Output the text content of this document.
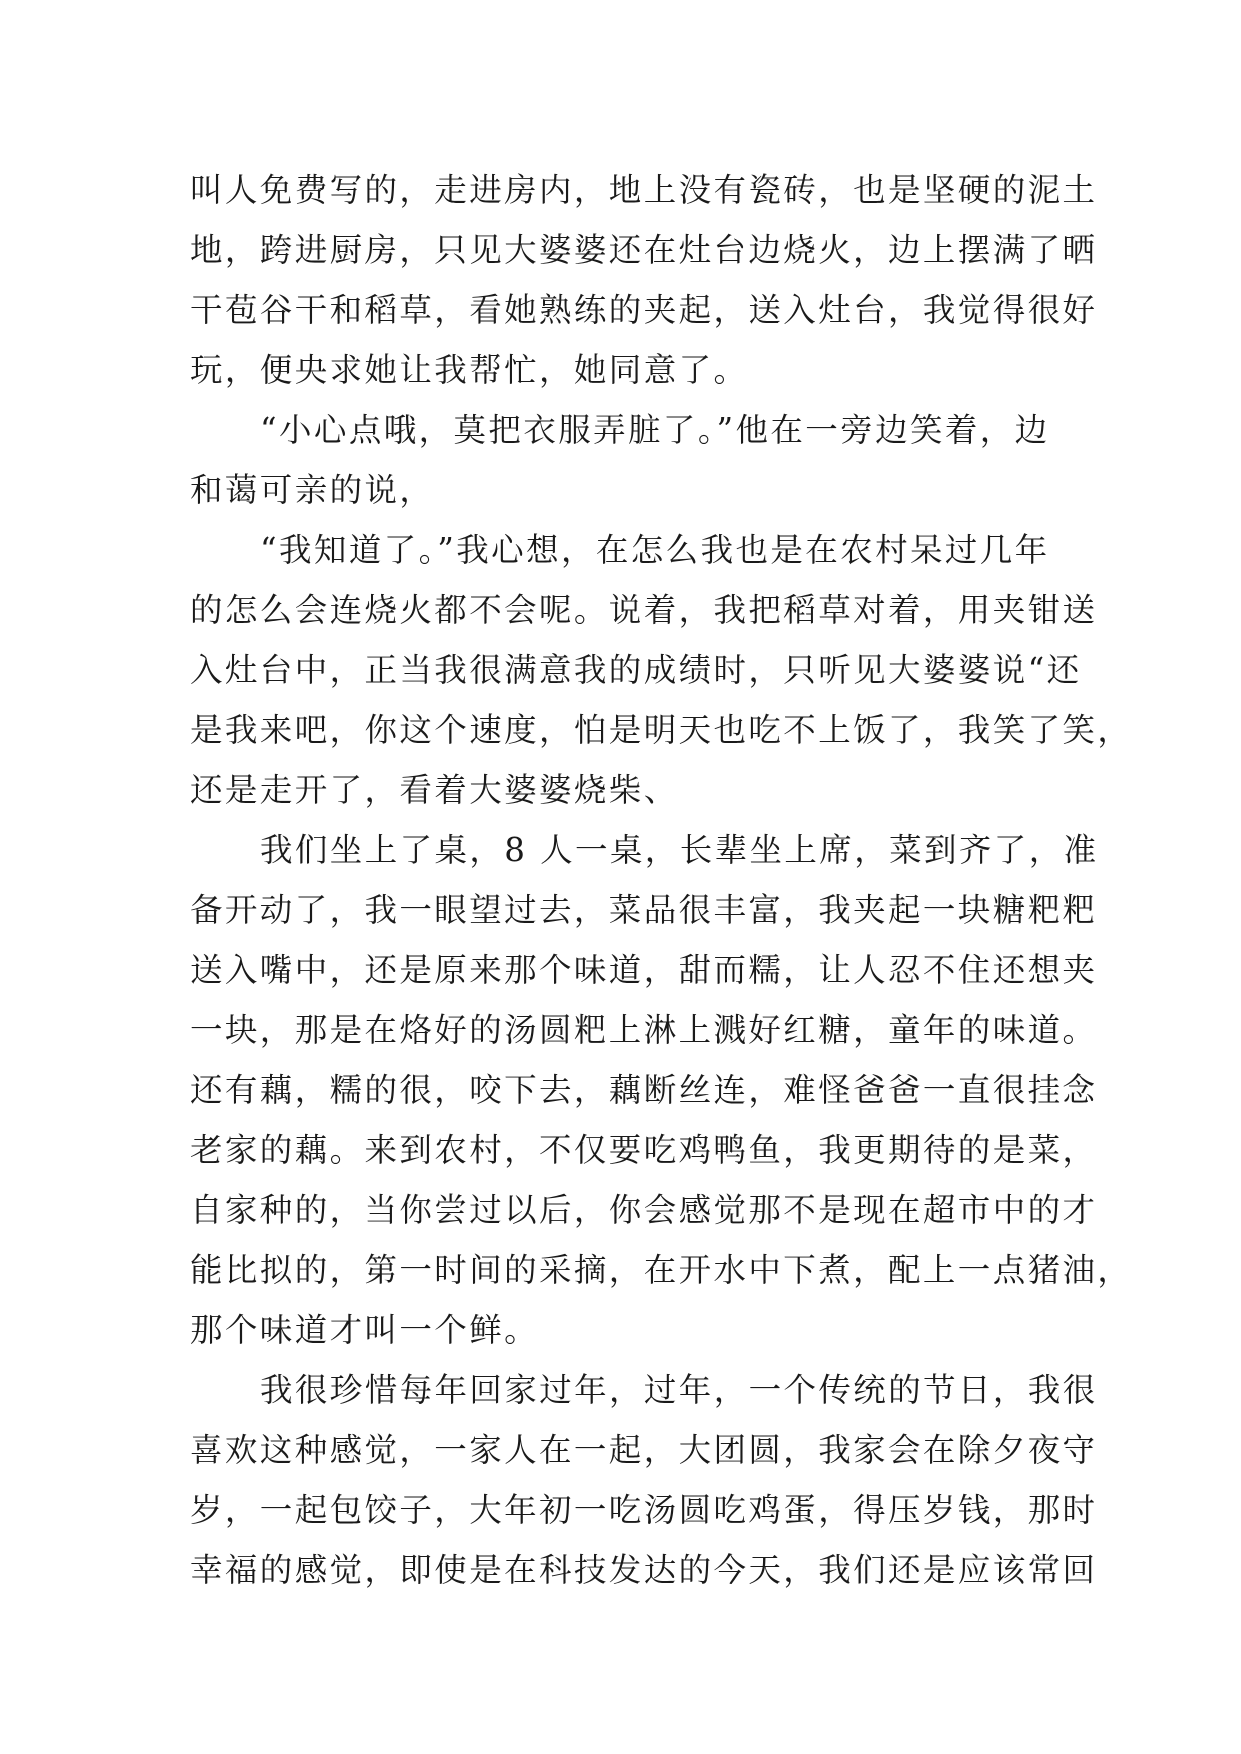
叫人免费写的，走进房内，地上没有瓷砖，也是坚硬的泥土
地，跨进厨房，只见大婆婆还在灶台边烧火，边上摆满了晒
干苞谷干和稻草，看她熟练的夹起，送入灶台，我觉得很好
玩，便央求她让我帮忙，她同意了。
“小心点哦，莫把衣服弄脏了。”他在一旁边笑着，边
和蔼可亲的说，
“我知道了。”我心想，在怎么我也是在农村呆过几年
的怎么会连烧火都不会呢。说着，我把稻草对着，用夹钳送
入灶台中，正当我很满意我的成绩时，只听见大婆婆说“还
是我来吧，你这个速度，怕是明天也吃不上饭了，我笑了笑，
还是走开了，看着大婆婆烧柴、
我们坐上了桌，8 人一桌，长辈坐上席，菜到齐了，准
备开动了，我一眼望过去，菜品很丰富，我夹起一块糖粑粑
送入嘴中，还是原来那个味道，甜而糯，让人忍不住还想夹
一块，那是在烙好的汤圆粑上淋上溅好红糖，童年的味道。
还有藕，糯的很，咬下去，藕断丝连，难怪爸爸一直很挂念
老家的藕。来到农村，不仅要吃鸡鸭鱼，我更期待的是菜，
自家种的，当你尝过以后，你会感觉那不是现在超市中的才
能比拟的，第一时间的采摘，在开水中下煮，配上一点猪油，
那个味道才叫一个鲜。
我很珍惜每年回家过年，过年，一个传统的节日，我很
喜欢这种感觉，一家人在一起，大团圆，我家会在除夕夜守
岁，一起包饺子，大年初一吃汤圆吃鸡蛋，得压岁钱，那时
幸福的感觉，即使是在科技发达的今天，我们还是应该常回
